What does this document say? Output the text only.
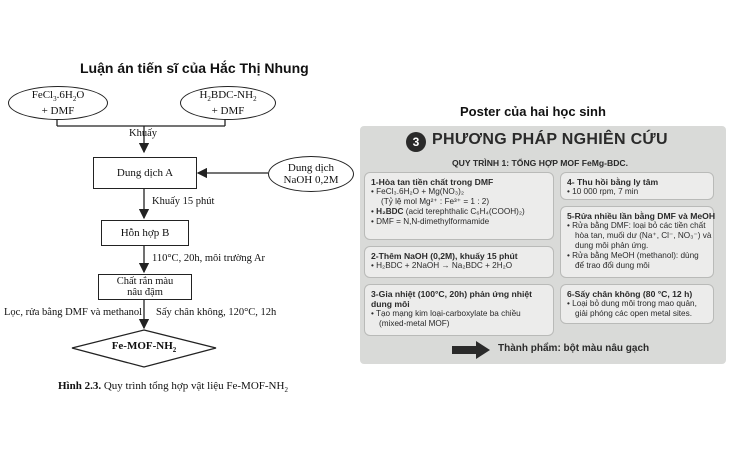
Luận án tiến sĩ của Hắc Thị Nhung
$FeCl_3.6H_2O$
+ DMF
$H_2BDC-NH_2$
+ DMF
Khuấy
Dung dịch A	Dung dịch
NaOH 0,2M
Khuấy 15 phút
Hỗn hợp B
110°C, 20h, môi trường Ar
Chất rắn màu
nâu đậm
Lọc, rửa bằng DMF và methanol Sấy chân không, 120°C, 12h
$Fe-MOF-NH_2$
Hình 2.3. Quy trình tổng hợp vật liệu $Fe-MOF-NH_2$
Poster của hai học sinh
3 PHƯƠNG PHÁP NGHIÊN CỨU
QUY TRÌNH 1: TỔNG HỢP MOF FeMg-BDC.
1-Hòa tan tiền chất trong DMF
• FeCl₃.6H₂O + Mg(NO₃)₂
(Tỷ lệ mol Mg²⁺ : Fe³⁺ = 1 : 2)
• H₂BDC (acid terephthalic C₆H₄(COOH)₂)
• DMF = N,N-dimethylformamide
4- Thu hồi bằng ly tâm
• 10 000 rpm, 7 min
2-Thêm NaOH (0,2M), khuấy 15 phút
• H₂BDC + 2NaOH → Na₂BDC + 2H₂O
5-Rửa nhiều lần bằng DMF và MeOH
• Rửa bằng DMF: loại bỏ các tiền chất
hòa tan, muối dư (Na⁺, Cl⁻, NO₃⁻) và
dung môi phản ứng.
• Rửa bằng MeOH (methanol): dùng
để trao đổi dung môi
3-Gia nhiệt (100°C, 20h) phản ứng nhiệt
dung môi
• Tạo mạng kim loại-carboxylate ba chiều
(mixed-metal MOF)
6-Sấy chân không (80 °C, 12 h)
• Loại bỏ dung môi trong mao quản,
giải phóng các open metal sites.
Thành phẩm: bột màu nâu gạch
